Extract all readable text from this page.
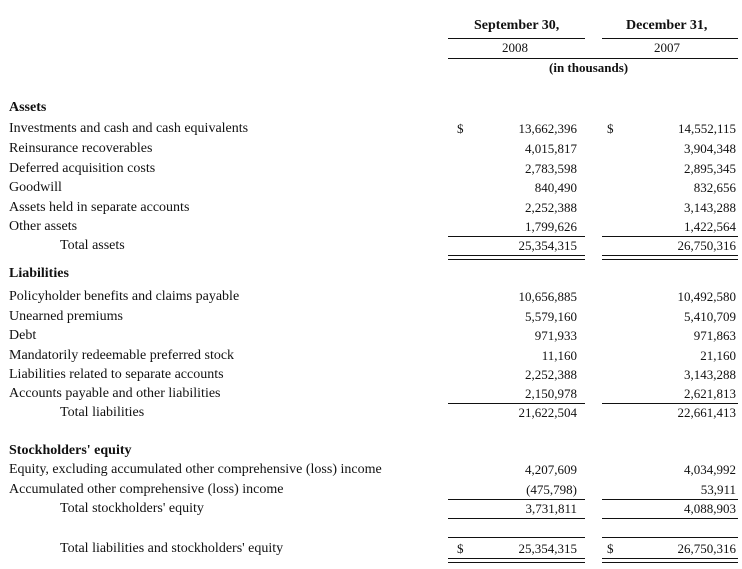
September 30,	December 31,
2008	2007
(in thousands)
Assets
Investments and cash and cash equivalents	$	13,662,396 $	14,552,115
Reinsurance recoverables	4,015,817	3,904,348
Deferred acquisition costs	2,783,598	2,895,345
Goodwill	840,490	832,656
Assets held in separate accounts	2,252,388	3,143,288
Other assets	1,799,626	1,422,564
Total assets	25,354,315	26,750,316
Liabilities
Policyholder benefits and claims payable	10,656,885	10,492,580
Unearned premiums	5,579,160	5,410,709
Debt	971,933	971,863
Mandatorily redeemable preferred stock	11,160	21,160
Liabilities related to separate accounts	2,252,388	3,143,288
Accounts payable and other liabilities	2,150,978	2,621,813
Total liabilities	21,622,504	22,661,413
Stockholders' equity
Equity, excluding accumulated other comprehensive (loss) income	4,207,609	4,034,992
Accumulated other comprehensive (loss) income	(475,798)	53,911
Total stockholders' equity	3,731,811	4,088,903
Total liabilities and stockholders' equity	$	25,354,315 $	26,750,316
